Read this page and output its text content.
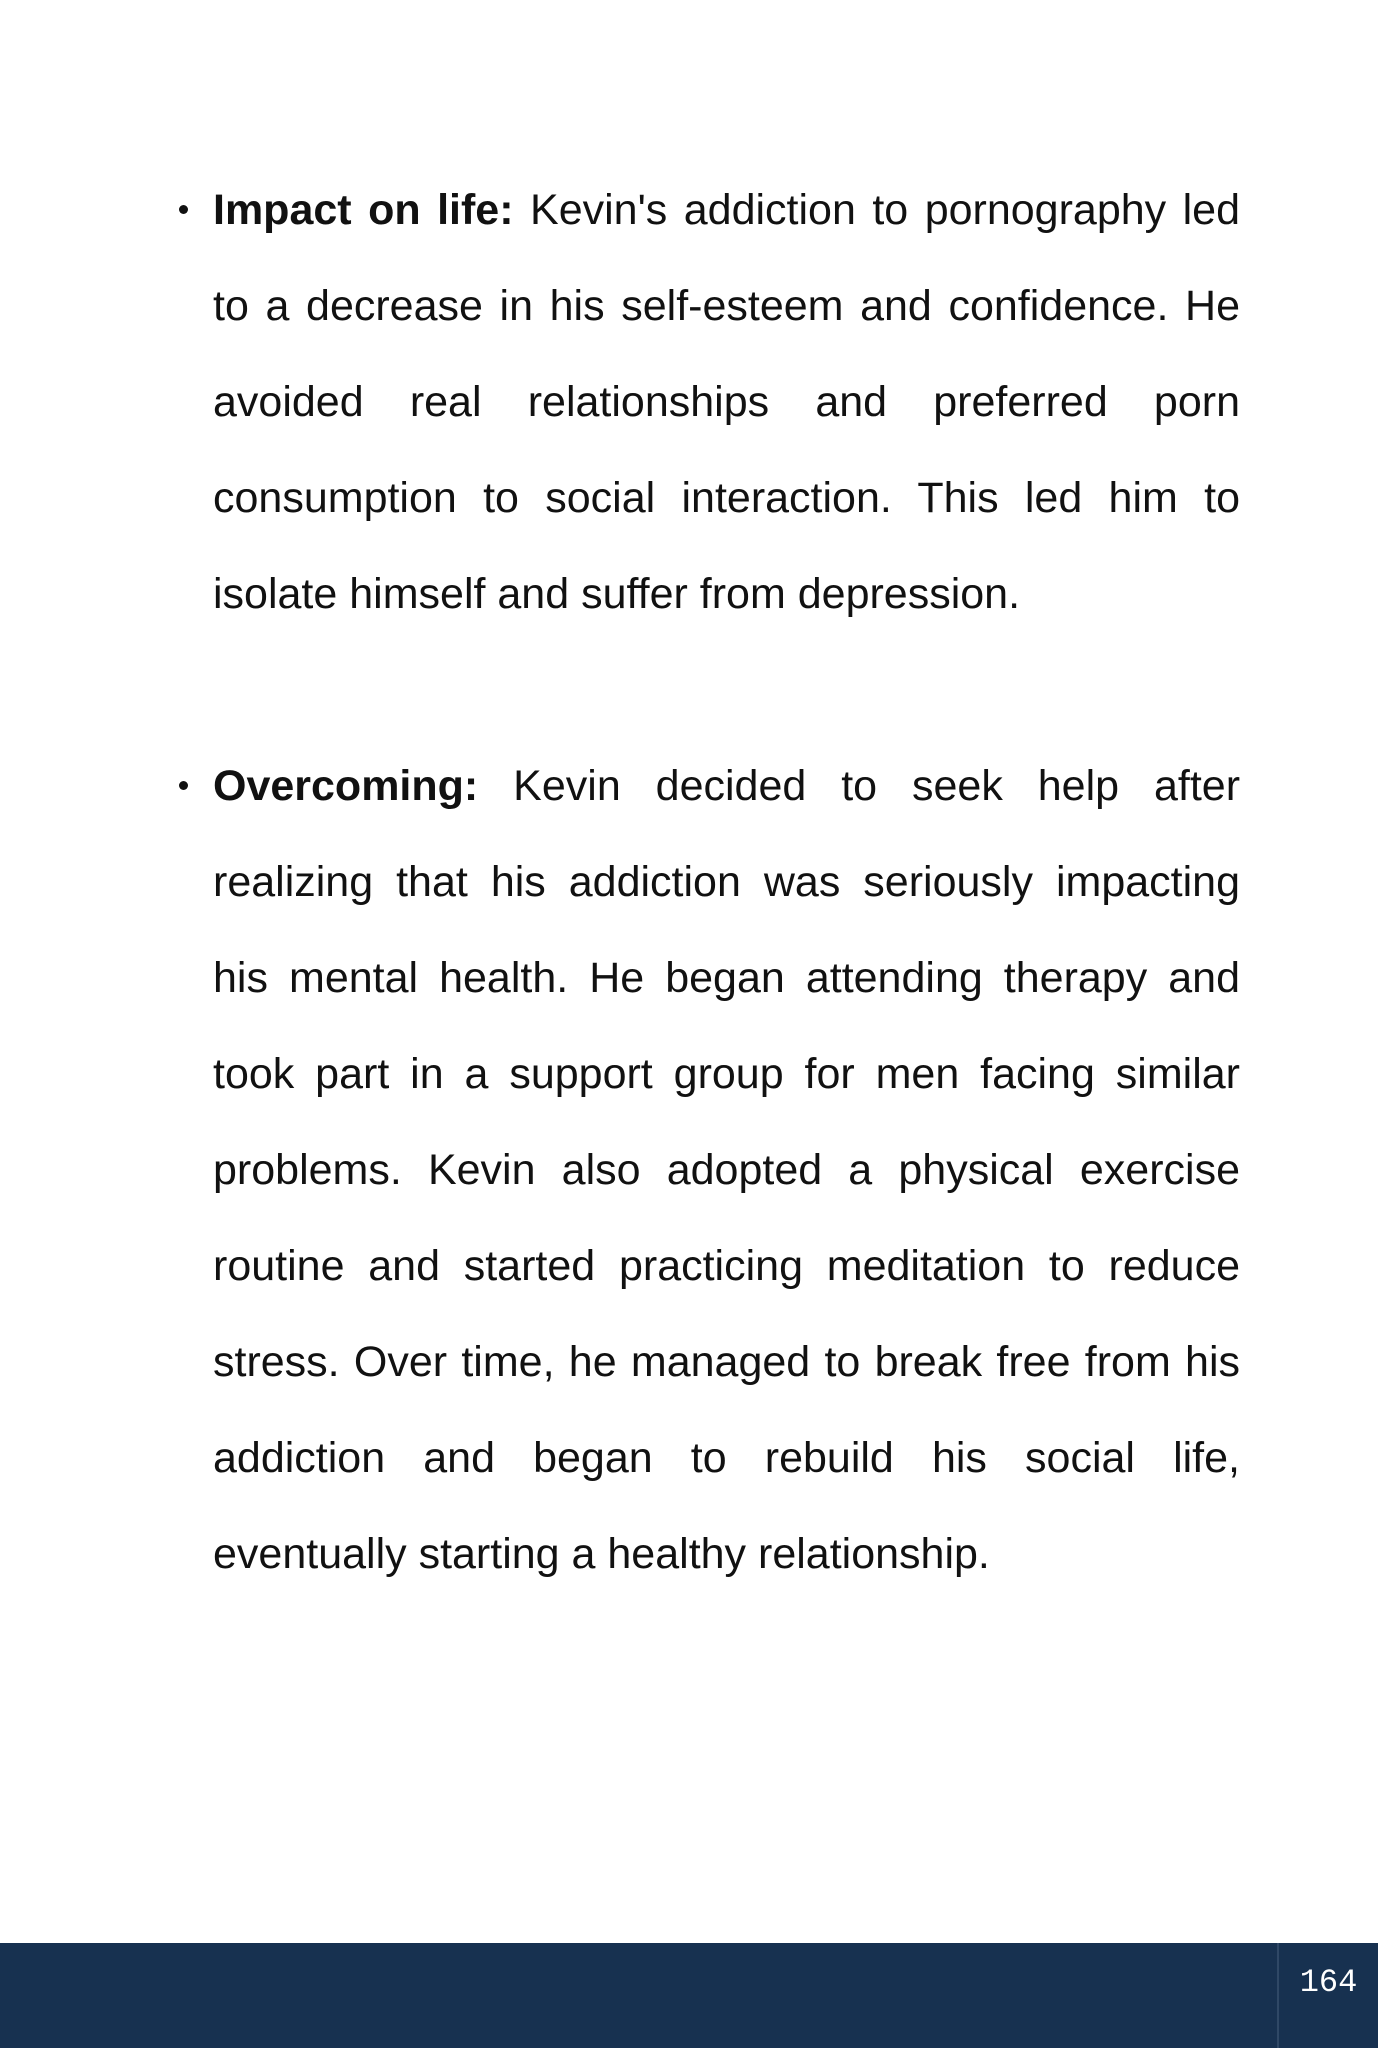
Impact on life: Kevin's addiction to pornography led to a decrease in his self-esteem and confidence. He avoided real relationships and preferred porn consumption to social interaction. This led him to isolate himself and suffer from depression.
Overcoming: Kevin decided to seek help after realizing that his addiction was seriously impacting his mental health. He began attending therapy and took part in a support group for men facing similar problems. Kevin also adopted a physical exercise routine and started practicing meditation to reduce stress. Over time, he managed to break free from his addiction and began to rebuild his social life, eventually starting a healthy relationship.
164
